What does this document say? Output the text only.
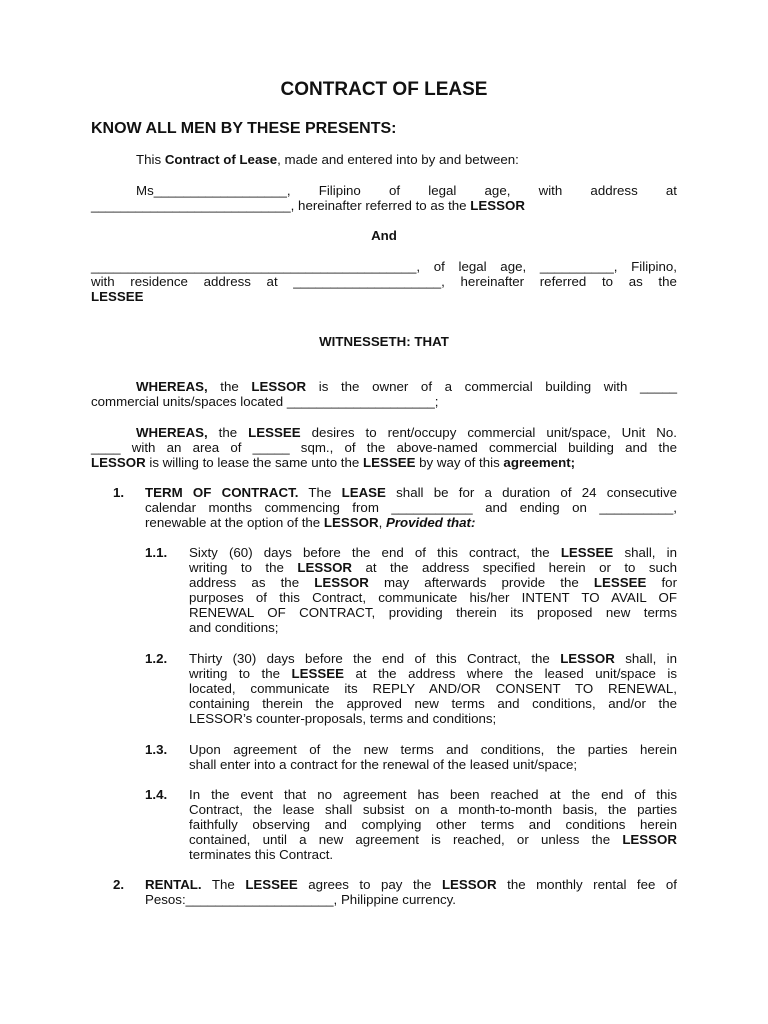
CONTRACT OF LEASE
KNOW ALL MEN BY THESE PRESENTS:
This Contract of Lease, made and entered into by and between:
Ms__________________, Filipino of legal age, with address at
___________________________, hereinafter referred to as the LESSOR
And
____________________________________________, of legal age, __________, Filipino,
with residence address at ____________________, hereinafter referred to as the
LESSEE
WITNESSETH: THAT
WHEREAS, the LESSOR is the owner of a commercial building with _____
commercial units/spaces located ____________________;
WHEREAS, the LESSEE desires to rent/occupy commercial unit/space, Unit No.
____ with an area of _____ sqm., of the above-named commercial building and the
LESSOR is willing to lease the same unto the LESSEE by way of this agreement;
1. TERM OF CONTRACT. The LEASE shall be for a duration of 24 consecutive
calendar months commencing from ___________ and ending on __________,
renewable at the option of the LESSOR, Provided that:
1.1. Sixty (60) days before the end of this contract, the LESSEE shall, in
writing to the LESSOR at the address specified herein or to such
address as the LESSOR may afterwards provide the LESSEE for
purposes of this Contract, communicate his/her INTENT TO AVAIL OF
RENEWAL OF CONTRACT, providing therein its proposed new terms
and conditions;
1.2. Thirty (30) days before the end of this Contract, the LESSOR shall, in
writing to the LESSEE at the address where the leased unit/space is
located, communicate its REPLY AND/OR CONSENT TO RENEWAL,
containing therein the approved new terms and conditions, and/or the
LESSOR’s counter-proposals, terms and conditions;
1.3. Upon agreement of the new terms and conditions, the parties herein
shall enter into a contract for the renewal of the leased unit/space;
1.4. In the event that no agreement has been reached at the end of this
Contract, the lease shall subsist on a month-to-month basis, the parties
faithfully observing and complying other terms and conditions herein
contained, until a new agreement is reached, or unless the LESSOR
terminates this Contract.
2. RENTAL. The LESSEE agrees to pay the LESSOR the monthly rental fee of
Pesos:____________________, Philippine currency.
